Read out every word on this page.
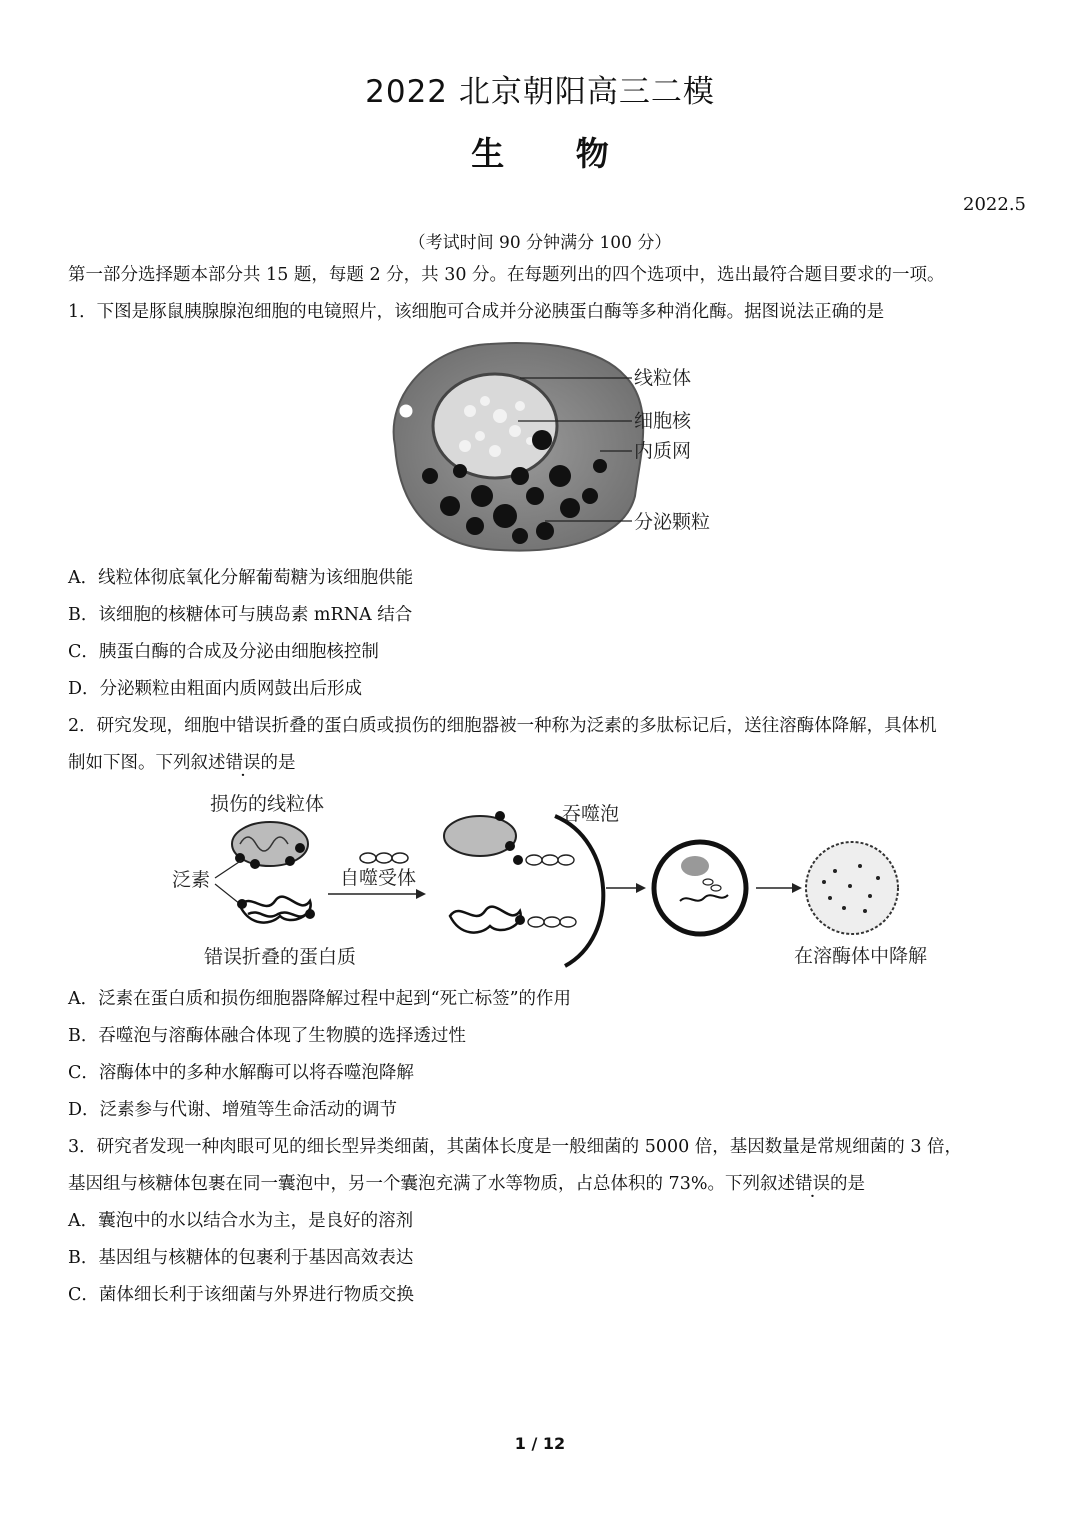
2022 北京朝阳高三二模
生 物
2022.5
（考试时间 90 分钟满分 100 分）
第一部分选择题本部分共 15 题，每题 2 分，共 30 分。在每题列出的四个选项中，选出最符合题目要求的一项。
1．下图是豚鼠胰腺腺泡细胞的电镜照片，该细胞可合成并分泌胰蛋白酶等多种消化酶。据图说法正确的是
线粒体
细胞核
内质网
分泌颗粒
A．线粒体彻底氧化分解葡萄糖为该细胞供能
B．该细胞的核糖体可与胰岛素 mRNA 结合
C．胰蛋白酶的合成及分泌由细胞核控制
D．分泌颗粒由粗面内质网鼓出后形成
2．研究发现，细胞中错误折叠的蛋白质或损伤的细胞器被一种称为泛素的多肽标记后，送往溶酶体降解，具体机
制如下图。下列叙述错误的是
损伤的线粒体
泛素
错误折叠的蛋白质
自噬受体
吞噬泡
在溶酶体中降解
A．泛素在蛋白质和损伤细胞器降解过程中起到“死亡标签”的作用
B．吞噬泡与溶酶体融合体现了生物膜的选择透过性
C．溶酶体中的多种水解酶可以将吞噬泡降解
D．泛素参与代谢、增殖等生命活动的调节
3．研究者发现一种肉眼可见的细长型异类细菌，其菌体长度是一般细菌的 5000 倍，基因数量是常规细菌的 3 倍，
基因组与核糖体包裹在同一囊泡中，另一个囊泡充满了水等物质，占总体积的 73%。下列叙述错误的是
A．囊泡中的水以结合水为主，是良好的溶剂
B．基因组与核糖体的包裹利于基因高效表达
C．菌体细长利于该细菌与外界进行物质交换
1 / 12
